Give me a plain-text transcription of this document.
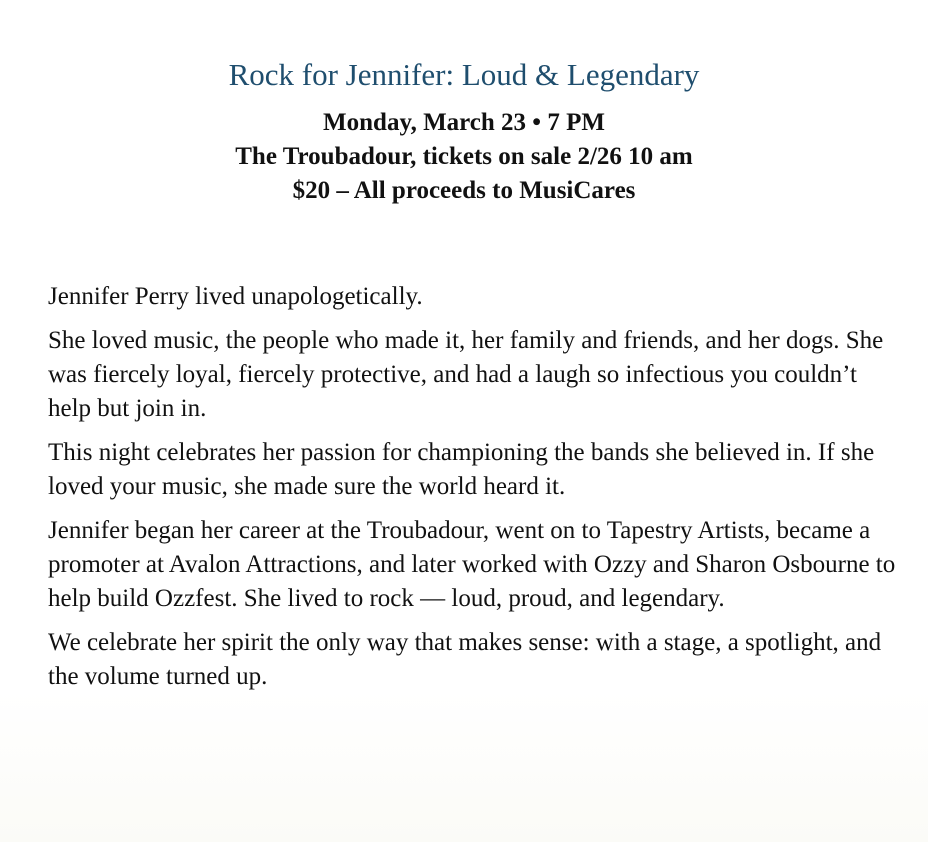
Rock for Jennifer: Loud & Legendary
Monday, March 23 • 7 PM
The Troubadour, tickets on sale 2/26 10 am
$20 – All proceeds to MusiCares

Jennifer Perry lived unapologetically.

She loved music, the people who made it, her family and friends, and her dogs. She was fiercely loyal, fiercely protective, and had a laugh so infectious you couldn’t help but join in.

This night celebrates her passion for championing the bands she believed in. If she loved your music, she made sure the world heard it.

Jennifer began her career at the Troubadour, went on to Tapestry Artists, became a promoter at Avalon Attractions, and later worked with Ozzy and Sharon Osbourne to help build Ozzfest. She lived to rock — loud, proud, and legendary.

We celebrate her spirit the only way that makes sense: with a stage, a spotlight, and the volume turned up.
